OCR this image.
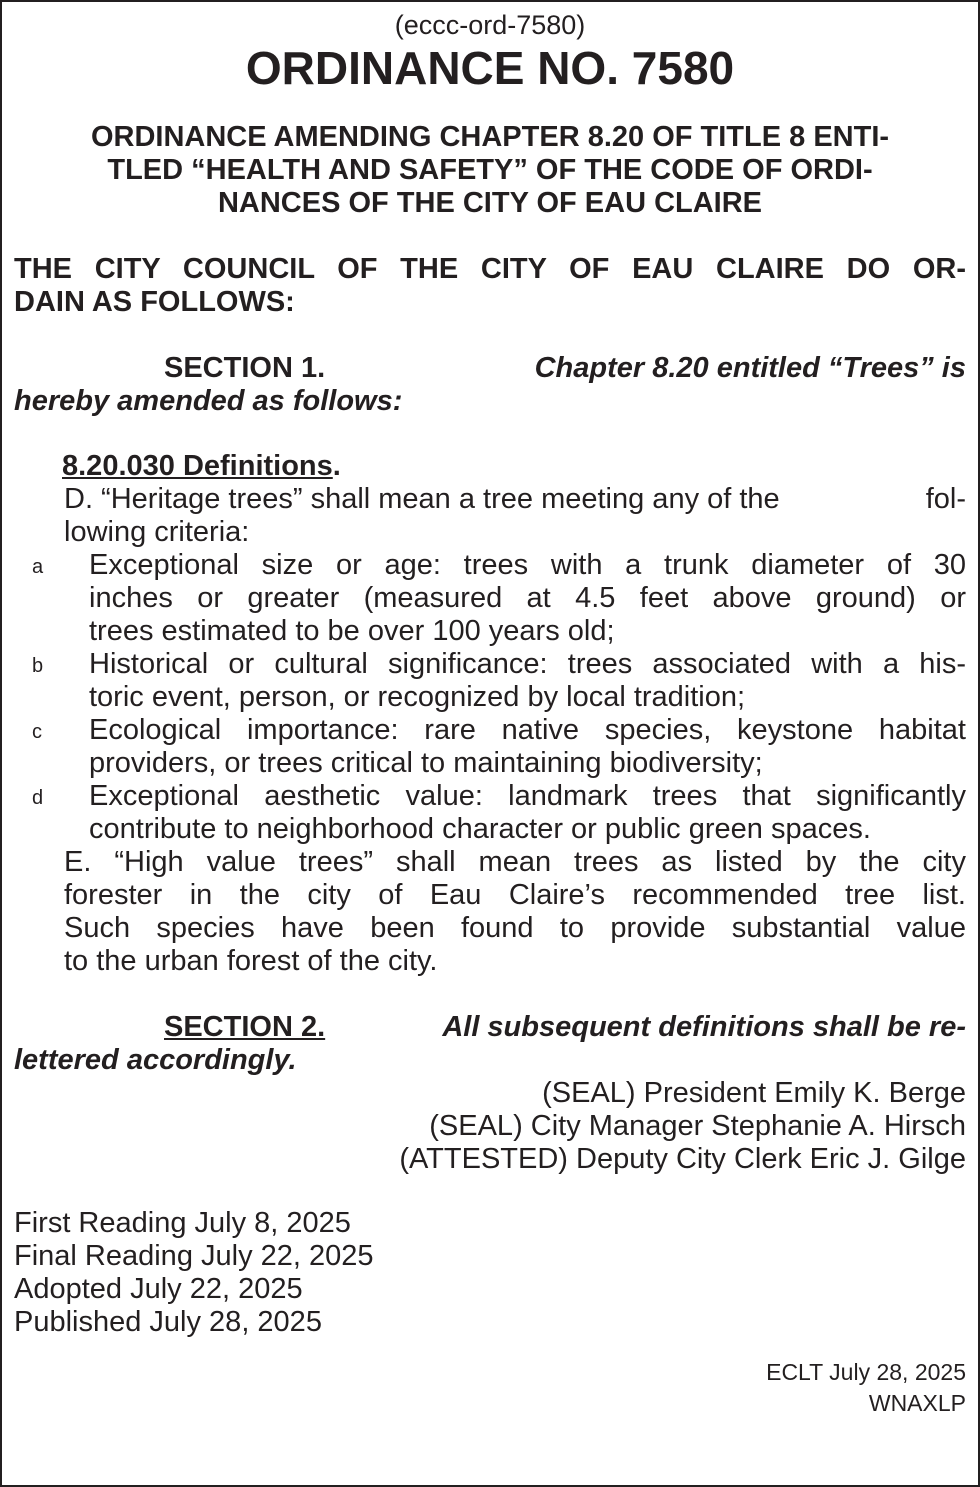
(eccc-ord-7580)
ORDINANCE NO. 7580
ORDINANCE AMENDING CHAPTER 8.20 OF TITLE 8 ENTI-
TLED “HEALTH AND SAFETY” OF THE CODE OF ORDI-
NANCES OF THE CITY OF EAU CLAIRE
THE CITY COUNCIL OF THE CITY OF EAU CLAIRE DO OR-
DAIN AS FOLLOWS:
SECTION 1.	Chapter 8.20 entitled “Trees” is
hereby amended as follows:
8.20.030 Definitions.
D. “Heritage trees” shall mean a tree meeting any of the	fol-
lowing criteria:
a Exceptional size or age: trees with a trunk diameter of 30
inches or greater (measured at 4.5 feet above ground) or
trees estimated to be over 100 years old;
b Historical or cultural significance: trees associated with a his-
toric event, person, or recognized by local tradition;
c Ecological importance: rare native species, keystone habitat
providers, or trees critical to maintaining biodiversity;
d Exceptional aesthetic value: landmark trees that significantly
contribute to neighborhood character or public green spaces.
E. “High value trees” shall mean trees as listed by the city
forester in the city of Eau Claire’s recommended tree list.
Such species have been found to provide substantial value
to the urban forest of the city.
SECTION 2.	All subsequent definitions shall be re-
lettered accordingly.
(SEAL) President Emily K. Berge
(SEAL) City Manager Stephanie A. Hirsch
(ATTESTED) Deputy City Clerk Eric J. Gilge
First Reading July 8, 2025
Final Reading July 22, 2025
Adopted July 22, 2025
Published July 28, 2025
ECLT July 28, 2025
WNAXLP
